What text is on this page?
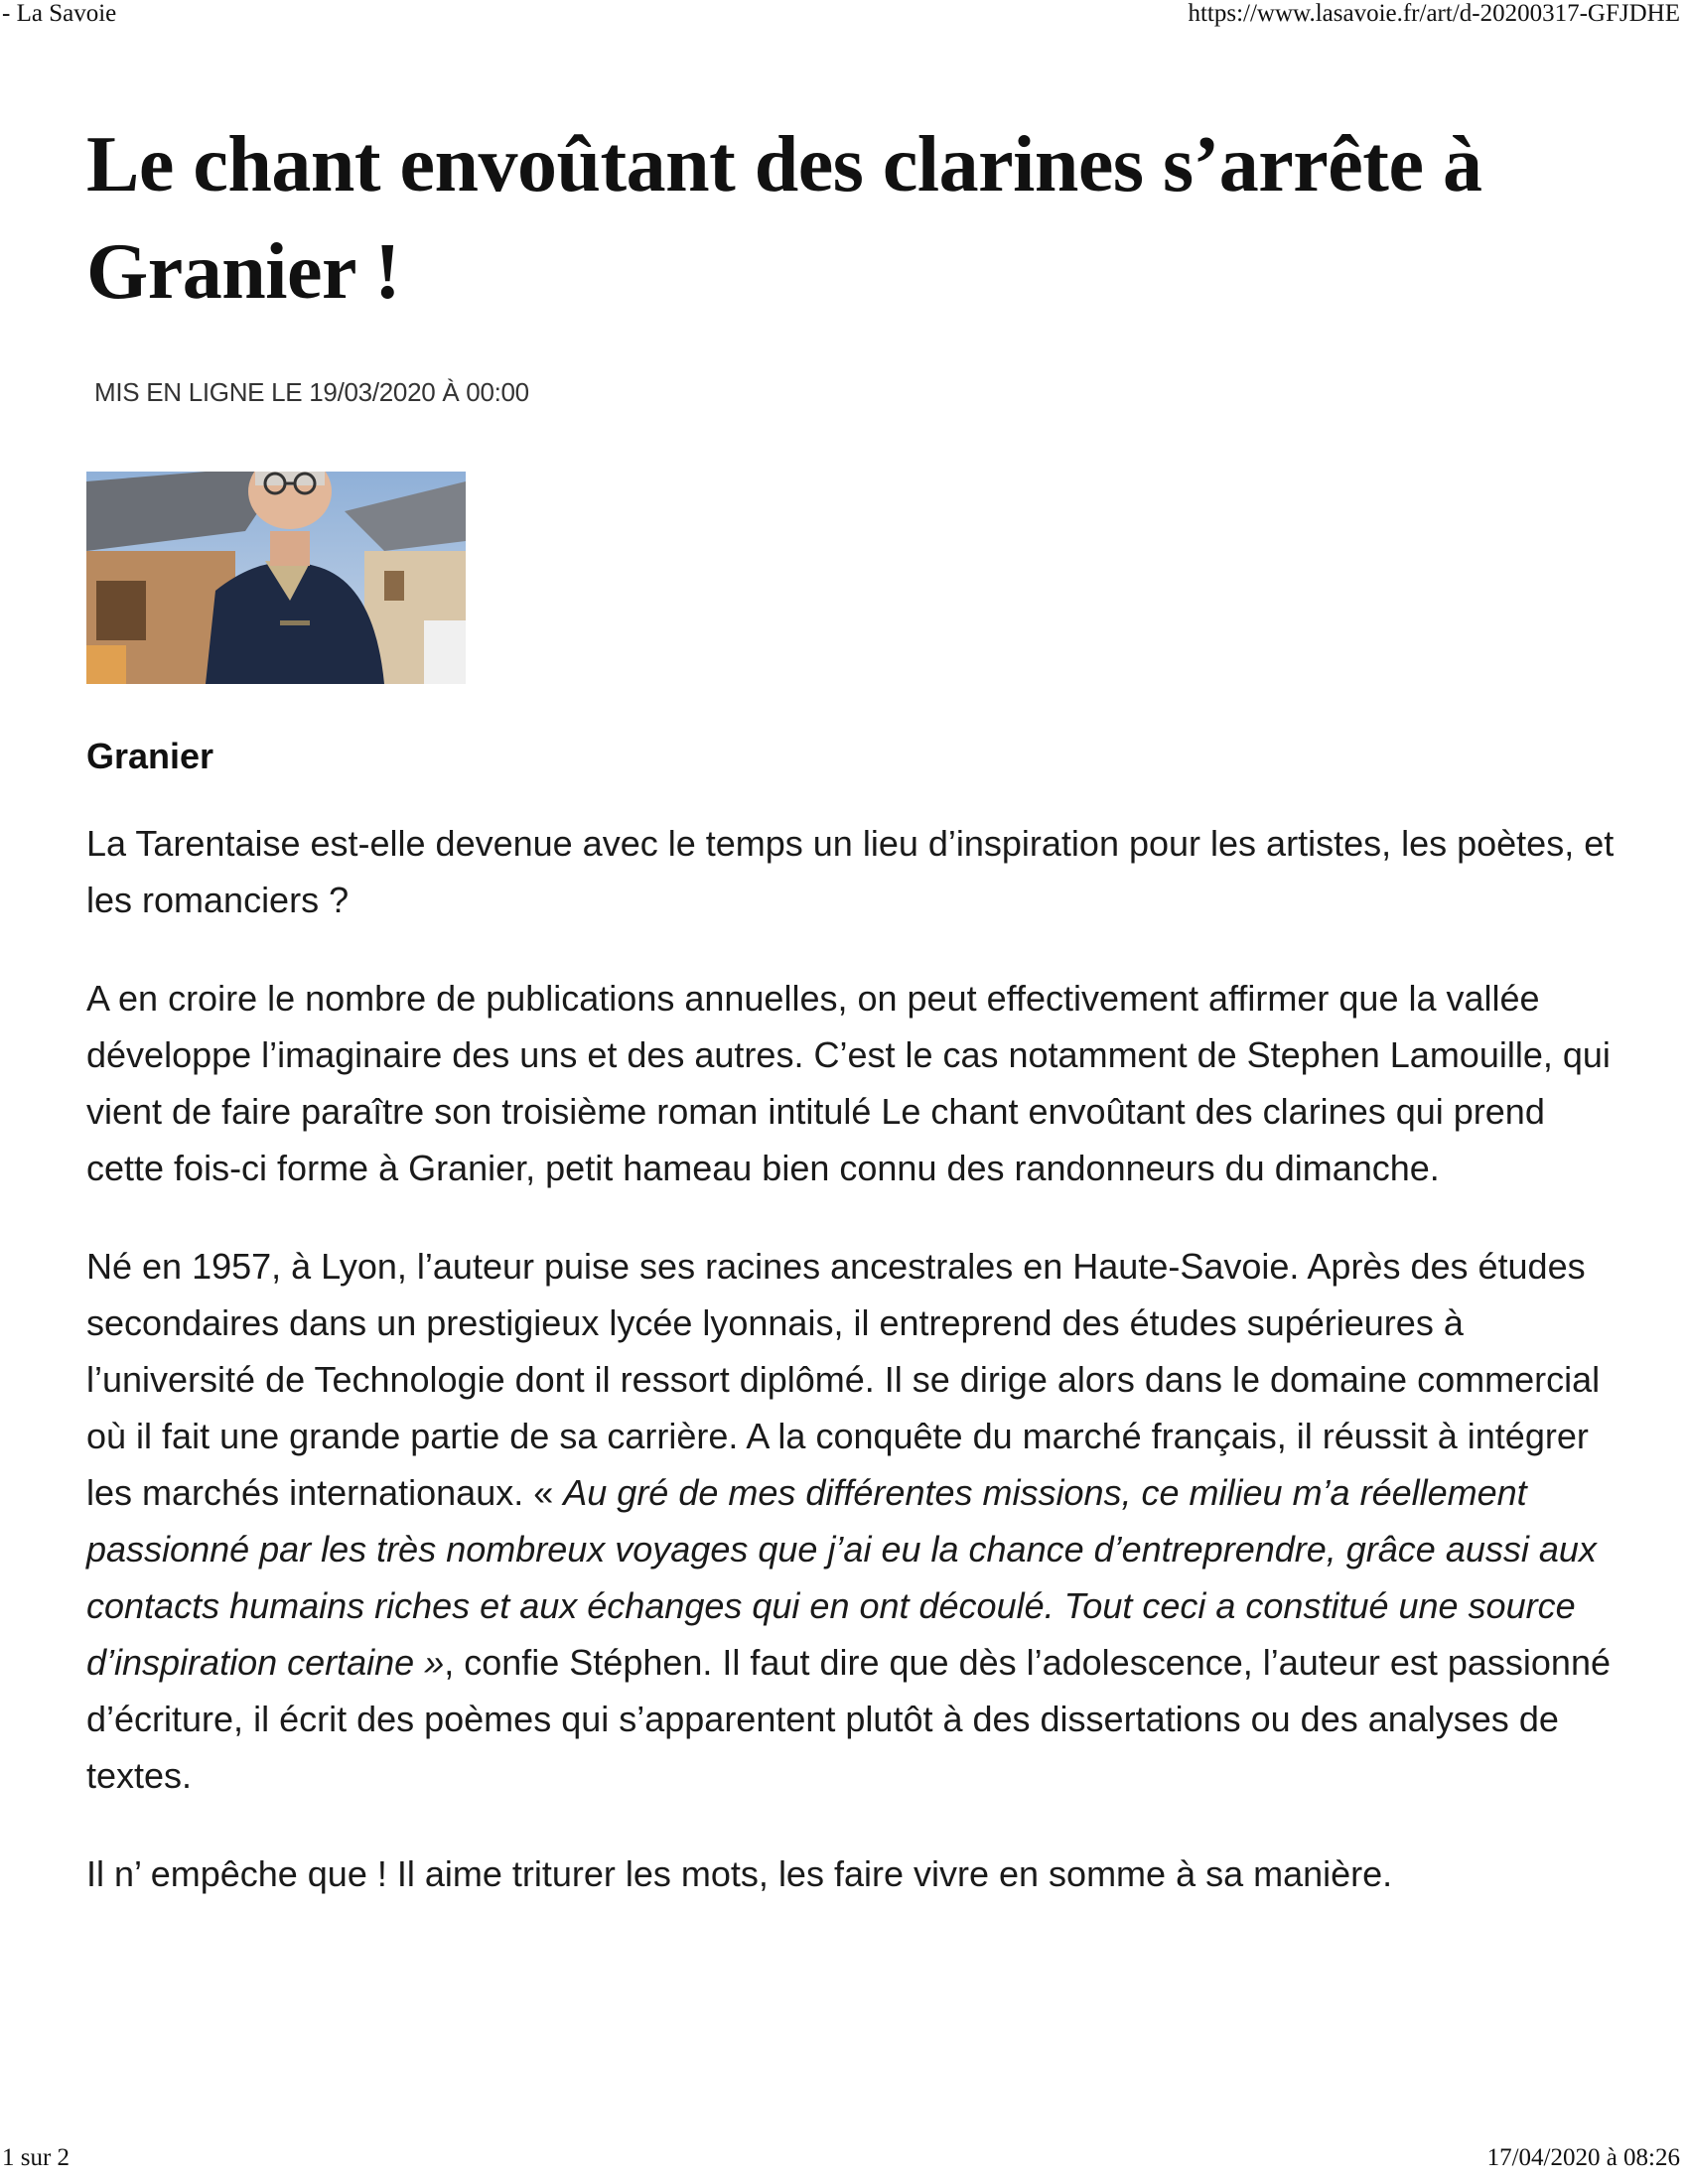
- La Savoie	https://www.lasavoie.fr/art/d-20200317-GFJDHE
Le chant envoûtant des clarines s’arrête à Granier !
MIS EN LIGNE LE 19/03/2020 À 00:00
Granier

La Tarentaise est-elle devenue avec le temps un lieu d’inspiration pour les artistes, les poètes, et les romanciers ?

A en croire le nombre de publications annuelles, on peut effectivement affirmer que la vallée développe l’imaginaire des uns et des autres. C’est le cas notamment de Stephen Lamouille, qui vient de faire paraître son troisième roman intitulé Le chant envoûtant des clarines qui prend cette fois-ci forme à Granier, petit hameau bien connu des randonneurs du dimanche.

Né en 1957, à Lyon, l’auteur puise ses racines ancestrales en Haute-Savoie. Après des études secondaires dans un prestigieux lycée lyonnais, il entreprend des études supérieures à l’université de Technologie dont il ressort diplômé. Il se dirige alors dans le domaine commercial où il fait une grande partie de sa carrière. A la conquête du marché français, il réussit à intégrer les marchés internationaux. « Au gré de mes différentes missions, ce milieu m’a réellement passionné par les très nombreux voyages que j’ai eu la chance d’entreprendre, grâce aussi aux contacts humains riches et aux échanges qui en ont découlé. Tout ceci a constitué une source d’inspiration certaine », confie Stéphen. Il faut dire que dès l’adolescence, l’auteur est passionné d’écriture, il écrit des poèmes qui s’apparentent plutôt à des dissertations ou des analyses de textes.

Il n’ empêche que ! Il aime triturer les mots, les faire vivre en somme à sa manière.

1 sur 2	17/04/2020 à 08:26
